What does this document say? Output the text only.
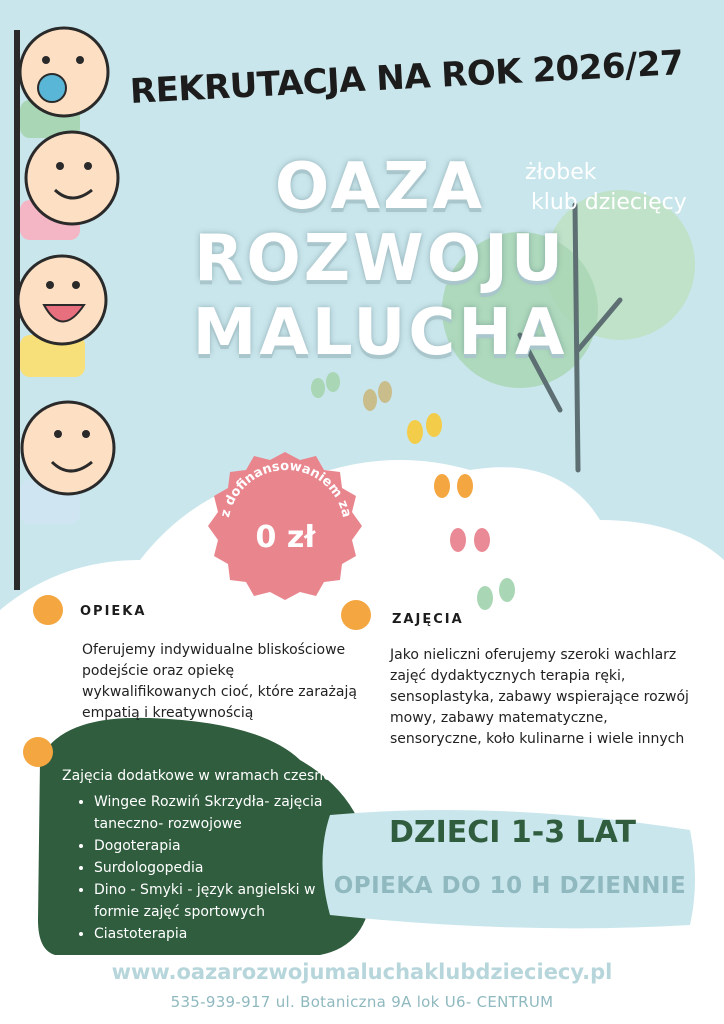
z dofinansowaniem za
REKRUTACJA NA ROK 2026/27
OAZA
ROZWOJU
MALUCHA
żłobek
klub dziecięcy
0 zł
OPIEKA
Oferujemy indywidualne bliskościowe podejście oraz opiekę wykwalifikowanych cioć, które zarażają empatią i kreatywnością
ZAJĘCIA
Jako nieliczni oferujemy szeroki wachlarz zajęć dydaktycznych terapia ręki, sensoplastyka, zabawy wspierające rozwój mowy, zabawy matematyczne, sensoryczne, koło kulinarne i wiele innych
Zajęcia dodatkowe w wramach czesnego:
• Wingee Rozwiń Skrzydła- zajęcia taneczno- rozwojowe
• Dogoterapia
• Surdologopedia
• Dino - Smyki - język angielski w formie zajęć sportowych
• Ciastoterapia
DZIECI 1-3 LAT
OPIEKA DO 10 H DZIENNIE
www.oazarozwojumaluchaklubdzieciecy.pl
535-939-917 ul. Botaniczna 9A lok U6- CENTRUM
